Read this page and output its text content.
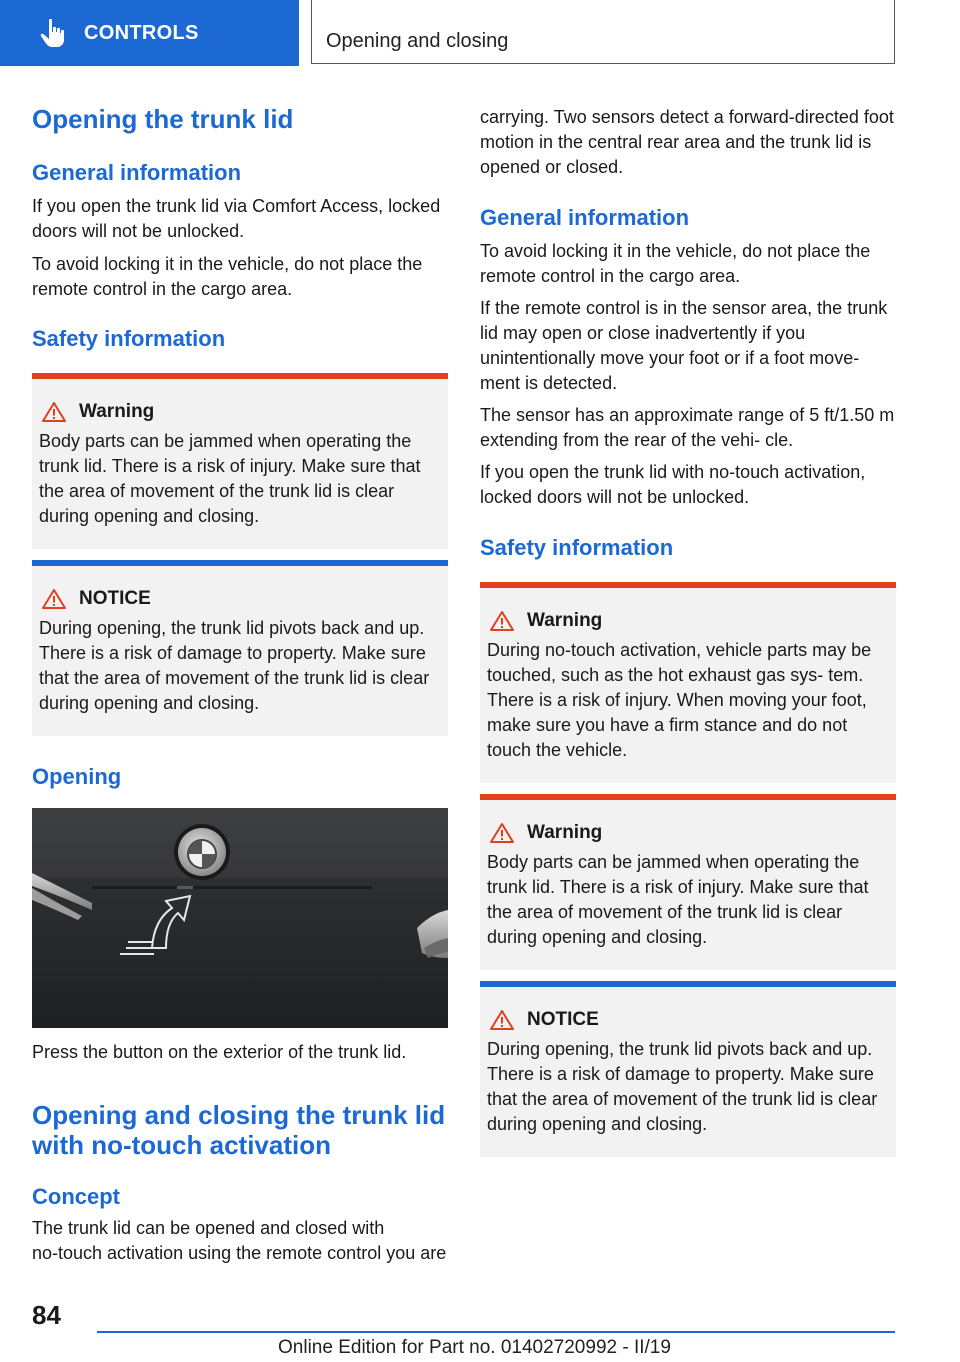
CONTROLS	Opening and closing
Opening the trunk lid
General information

If you open the trunk lid via Comfort Access, locked doors will not be unlocked.

To avoid locking it in the vehicle, do not place the remote control in the cargo area.

Safety information
Warning

Body parts can be jammed when operating the trunk lid. There is a risk of injury. Make sure that the area of movement of the trunk lid is clear during opening and closing.

NOTICE

During opening, the trunk lid pivots back and up. There is a risk of damage to property. Make sure that the area of movement of the trunk lid is clear during opening and closing.

Opening

Press the button on the exterior of the trunk lid.

Opening and closing the trunk lid with no‑touch activation
Concept

The trunk lid can be opened and closed with no‑touch activation using the remote control you are

carrying. Two sensors detect a forward‑directed foot motion in the central rear area and the trunk lid is opened or closed.

General information

To avoid locking it in the vehicle, do not place the remote control in the cargo area.

If the remote control is in the sensor area, the trunk lid may open or close inadvertently if you unintentionally move your foot or if a foot move‑ ment is detected.

The sensor has an approximate range of 5 ft/1.50 m extending from the rear of the vehi‑ cle.

If you open the trunk lid with no‑touch activation, locked doors will not be unlocked.

Safety information
Warning

During no‑touch activation, vehicle parts may be touched, such as the hot exhaust gas sys‑ tem. There is a risk of injury. When moving your foot, make sure you have a firm stance and do not touch the vehicle.

Warning

Body parts can be jammed when operating the trunk lid. There is a risk of injury. Make sure that the area of movement of the trunk lid is clear during opening and closing.

NOTICE

During opening, the trunk lid pivots back and up. There is a risk of damage to property. Make sure that the area of movement of the trunk lid is clear during opening and closing.

84
Online Edition for Part no. 01402720992 - II/19
